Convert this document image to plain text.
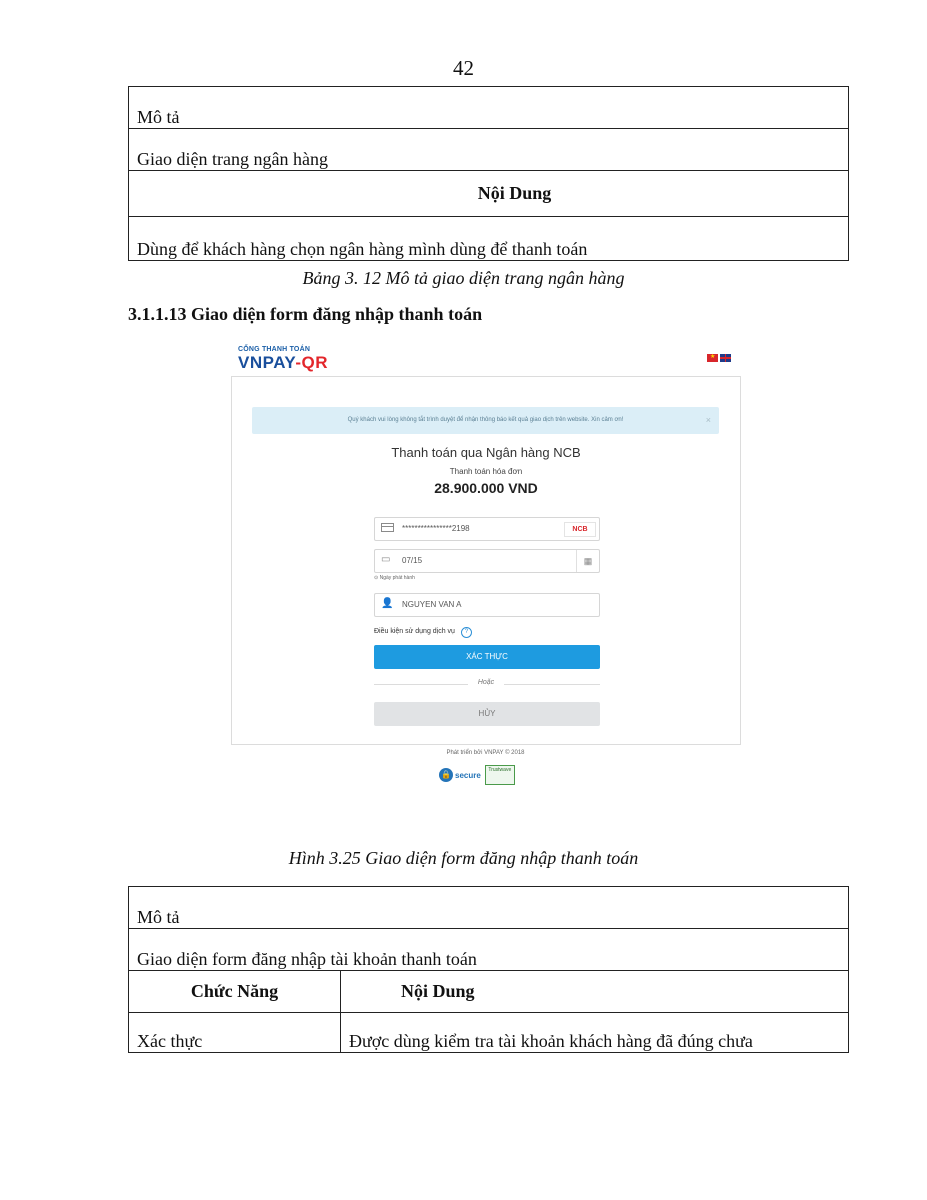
42
Mô tả
Giao diện trang ngân hàng
Nội Dung
Dùng để khách hàng chọn ngân hàng mình dùng để thanh toán
Bảng 3. 12 Mô tả giao diện trang ngân hàng
3.1.1.13 Giao diện form đăng nhập thanh toán
CỔNG THANH TOÁN
VNPAY-QR
★
Quý khách vui lòng không tắt trình duyệt để nhận thông báo kết quả giao dịch trên website. Xin cảm ơn!	×
Thanh toán qua Ngân hàng NCB
Thanh toán hóa đơn
28.900.000 VND
****************2198	NCB
▭ 07/15	▦
⊙ Ngày phát hành
👤 NGUYEN VAN A
Điều kiện sử dụng dịch vụ ?
XÁC THỰC
Hoặc
HỦY
Phát triển bởi VNPAY © 2018
🔒 secure
Trustwave
Hình 3.25 Giao diện form đăng nhập thanh toán
Mô tả	
Giao diện form đăng nhập tài khoản thanh toán	
Chức Năng	Nội Dung
Xác thực	Được dùng kiểm tra tài khoản khách hàng đã đúng chưa
